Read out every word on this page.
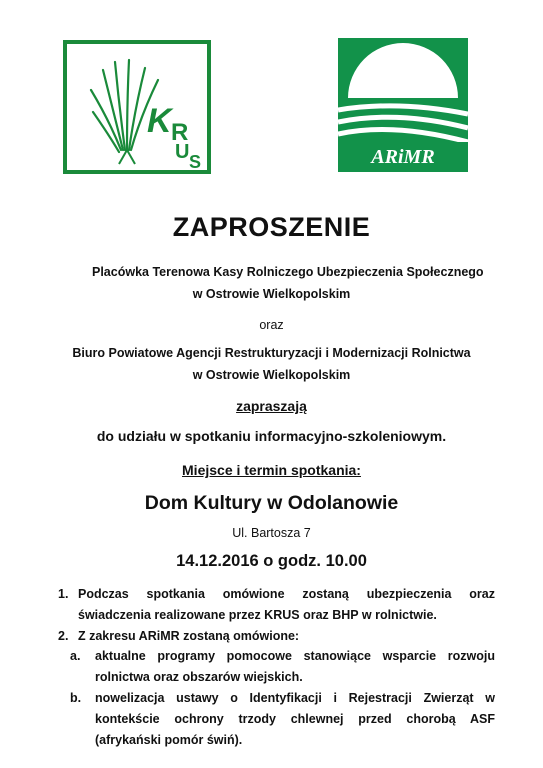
K R
U S	ARiMR
ZAPROSZENIE
Placówka Terenowa Kasy Rolniczego Ubezpieczenia Społecznego
w Ostrowie Wielkopolskim
oraz
Biuro Powiatowe Agencji Restrukturyzacji i Modernizacji Rolnictwa
w Ostrowie Wielkopolskim
zapraszają
do udziału w spotkaniu informacyjno-szkoleniowym.
Miejsce i termin spotkania:
Dom Kultury w Odolanowie
Ul. Bartosza 7
14.12.2016 o godz. 10.00
1. Podczas spotkania omówione zostaną ubezpieczenia oraz świadczenia realizowane przez KRUS oraz BHP w rolnictwie.
2. Z zakresu ARiMR zostaną omówione:
a. aktualne programy pomocowe stanowiące wsparcie rozwoju rolnictwa oraz obszarów wiejskich.
b. nowelizacja ustawy o Identyfikacji i Rejestracji Zwierząt w kontekście ochrony trzody chlewnej przed chorobą ASF (afrykański pomór świń).
